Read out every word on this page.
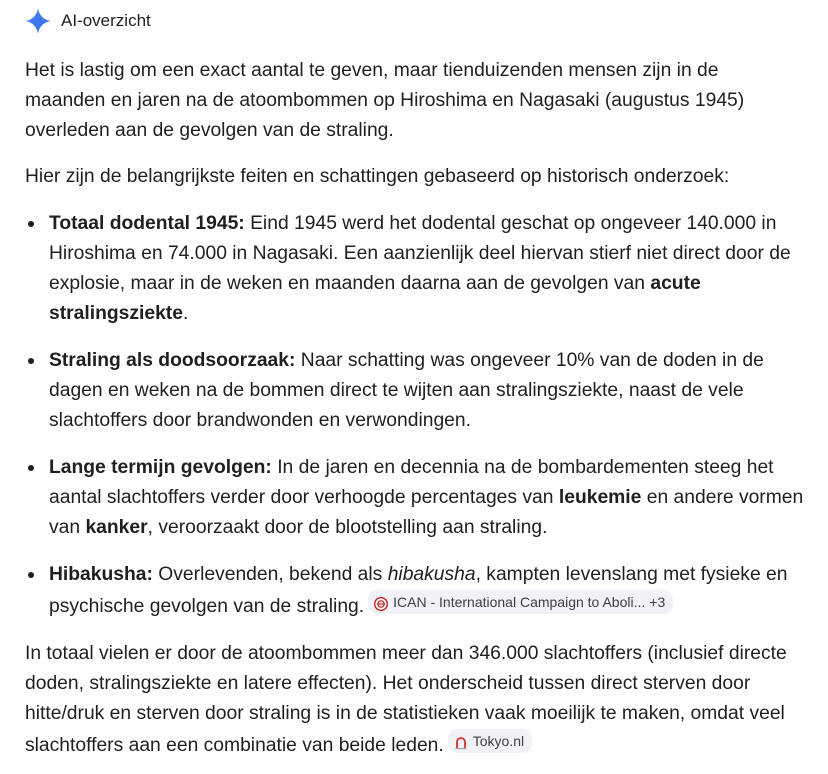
AI-overzicht

Het is lastig om een exact aantal te geven, maar tienduizenden mensen zijn in de maanden en jaren na de atoombommen op Hiroshima en Nagasaki (augustus 1945) overleden aan de gevolgen van de straling.

Hier zijn de belangrijkste feiten en schattingen gebaseerd op historisch onderzoek:

Totaal dodental 1945: Eind 1945 werd het dodental geschat op ongeveer 140.000 in Hiroshima en 74.000 in Nagasaki. Een aanzienlijk deel hiervan stierf niet direct door de explosie, maar in de weken en maanden daarna aan de gevolgen van acute stralingsziekte.
Straling als doodsoorzaak: Naar schatting was ongeveer 10% van de doden in de dagen en weken na de bommen direct te wijten aan stralingsziekte, naast de vele slachtoffers door brandwonden en verwondingen.
Lange termijn gevolgen: In de jaren en decennia na de bombardementen steeg het aantal slachtoffers verder door verhoogde percentages van leukemie en andere vormen van kanker, veroorzaakt door de blootstelling aan straling.
Hibakusha: Overlevenden, bekend als hibakusha, kampten levenslang met fysieke en psychische gevolgen van de straling. ICAN - International Campaign to Aboli... +3

In totaal vielen er door de atoombommen meer dan 346.000 slachtoffers (inclusief directe doden, stralingsziekte en latere effecten). Het onderscheid tussen direct sterven door hitte/druk en sterven door straling is in de statistieken vaak moeilijk te maken, omdat veel slachtoffers aan een combinatie van beide leden. Tokyo.nl
